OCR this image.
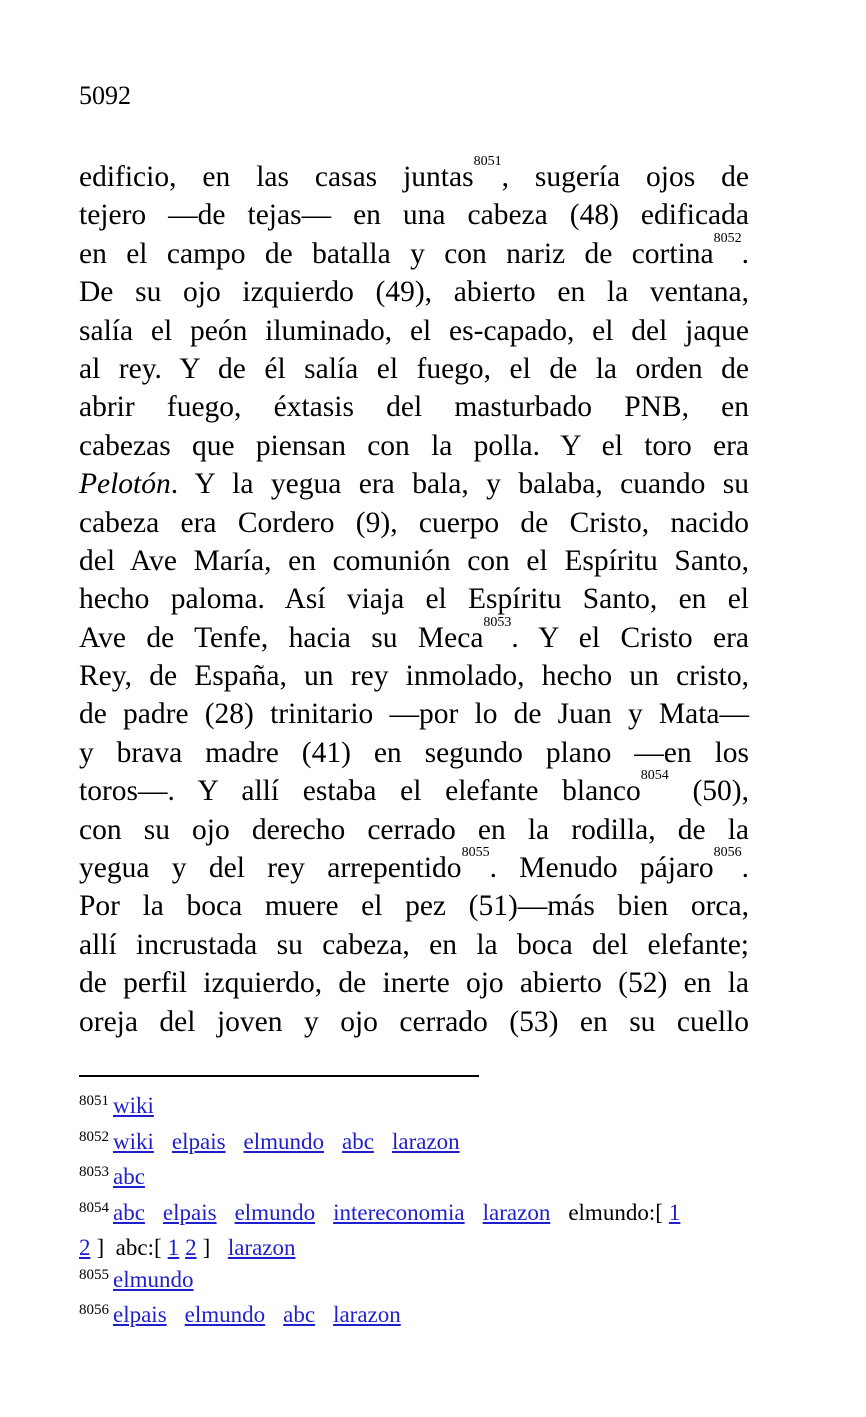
5092
edificio, en las casas juntas$^{8051}$, sugería ojos de
tejero —de tejas— en una cabeza (48) edificada
en el campo de batalla y con nariz de cortina$^{8052}$.
De su ojo izquierdo (49), abierto en la ventana,
salía el peón iluminado, el es-capado, el del jaque
al rey. Y de él salía el fuego, el de la orden de
abrir fuego, éxtasis del masturbado PNB, en
cabezas que piensan con la polla. Y el toro era
Pelotón. Y la yegua era bala, y balaba, cuando su
cabeza era Cordero (9), cuerpo de Cristo, nacido
del Ave María, en comunión con el Espíritu Santo,
hecho paloma. Así viaja el Espíritu Santo, en el
Ave de Tenfe, hacia su Meca$^{8053}$. Y el Cristo era
Rey, de España, un rey inmolado, hecho un cristo,
de padre (28) trinitario —por lo de Juan y Mata—
y brava madre (41) en segundo plano —en los
toros—. Y allí estaba el elefante blanco$^{8054}$ (50),
con su ojo derecho cerrado en la rodilla, de la
yegua y del rey arrepentido$^{8055}$. Menudo pájaro$^{8056}$.
Por la boca muere el pez (51)—más bien orca,
allí incrustada su cabeza, en la boca del elefante;
de perfil izquierdo, de inerte ojo abierto (52) en la
oreja del joven y ojo cerrado (53) en su cuello
$^{8051}$ wiki
$^{8052}$ wiki elpais elmundo abc larazon
$^{8053}$ abc
$^{8054}$ abc elpais elmundo intereconomia larazon elmundo:[ 1
2 ]  abc:[ 1 2 ]  larazon
$^{8055}$ elmundo
$^{8056}$ elpais elmundo abc larazon
